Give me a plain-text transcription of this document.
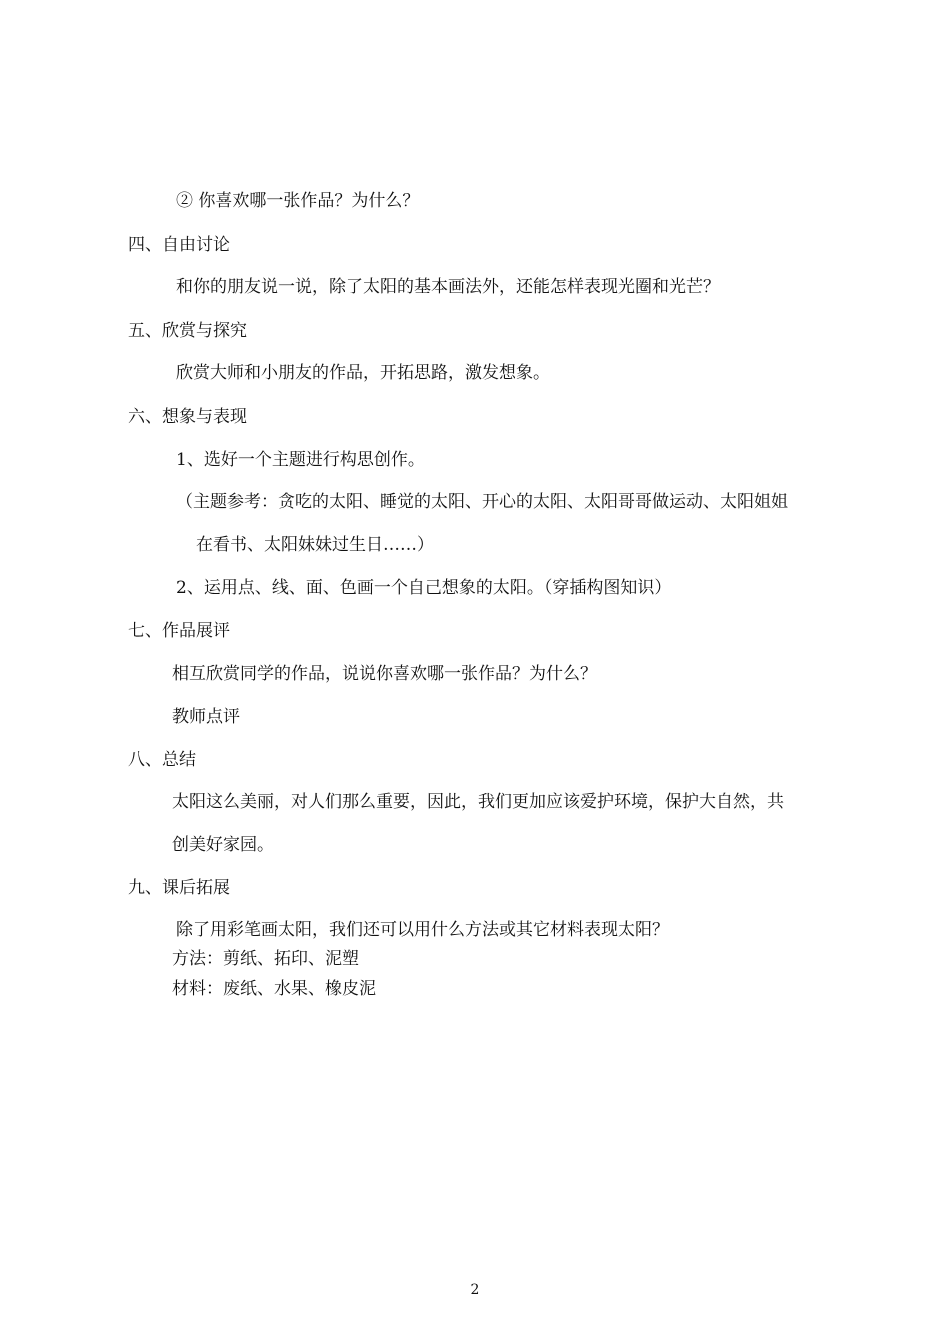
② 你喜欢哪一张作品？为什么？
四、自由讨论
和你的朋友说一说，除了太阳的基本画法外，还能怎样表现光圈和光芒？
五、欣赏与探究
欣赏大师和小朋友的作品，开拓思路，激发想象。
六、想象与表现
1、选好一个主题进行构思创作。
（主题参考：贪吃的太阳、睡觉的太阳、开心的太阳、太阳哥哥做运动、太阳姐姐
在看书、太阳妹妹过生日……）
2、运用点、线、面、色画一个自己想象的太阳。（穿插构图知识）
七、作品展评
相互欣赏同学的作品，说说你喜欢哪一张作品？为什么？
教师点评
八、总结
太阳这么美丽，对人们那么重要，因此，我们更加应该爱护环境，保护大自然，共
创美好家园。
九、课后拓展
除了用彩笔画太阳，我们还可以用什么方法或其它材料表现太阳？
方法：剪纸、拓印、泥塑
材料：废纸、水果、橡皮泥
2
